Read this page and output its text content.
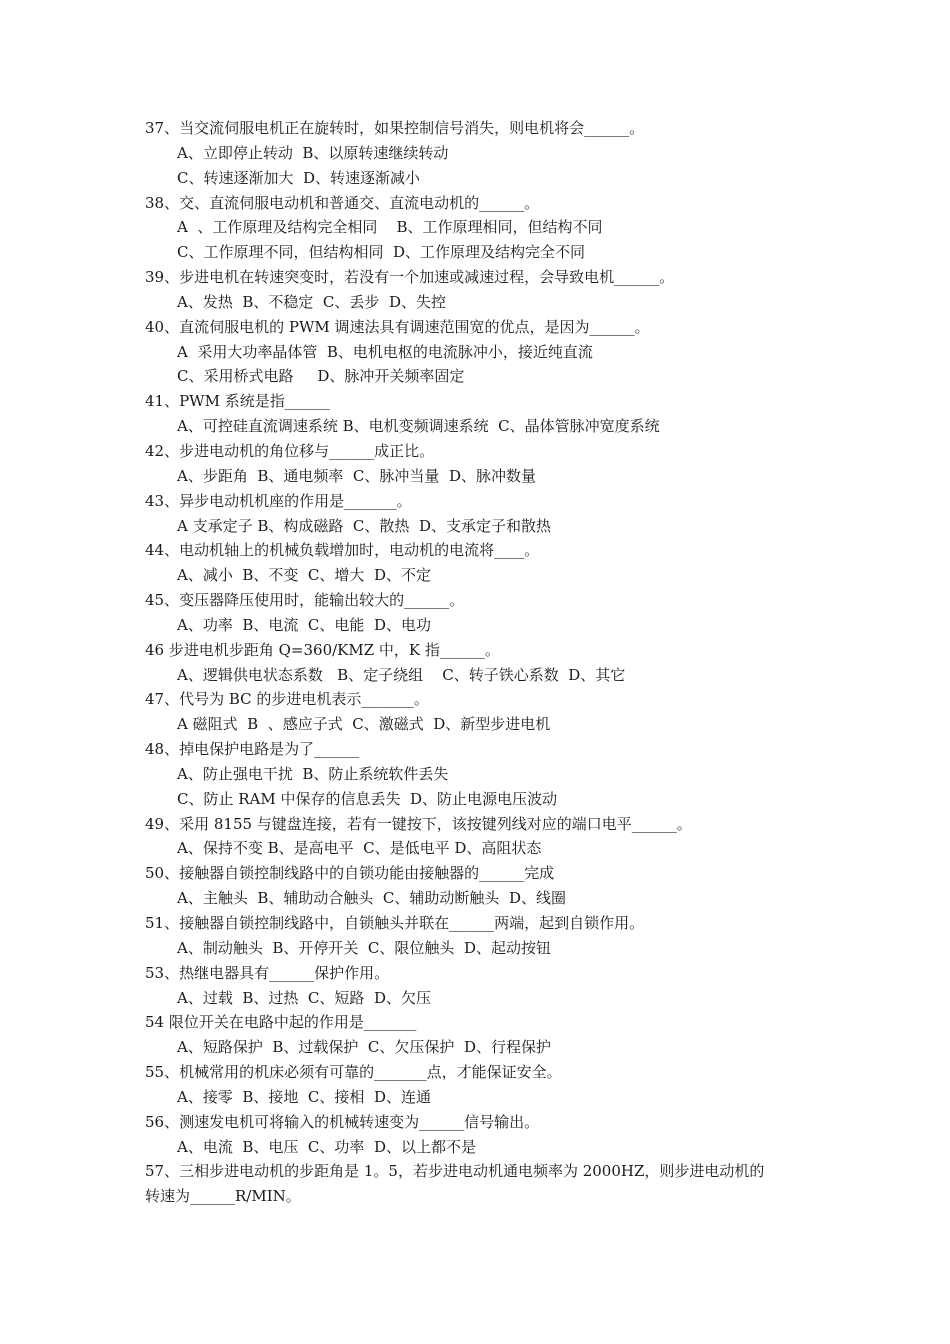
37、当交流伺服电机正在旋转时，如果控制信号消失，则电机将会______。
A、立即停止转动  B、以原转速继续转动
C、转速逐渐加大  D、转速逐渐减小
38、交、直流伺服电动机和普通交、直流电动机的______。
A  、工作原理及结构完全相同    B、工作原理相同，但结构不同
C、工作原理不同，但结构相同  D、工作原理及结构完全不同
39、步进电机在转速突变时，若没有一个加速或减速过程，会导致电机______。
A、发热  B、不稳定  C、丢步  D、失控
40、直流伺服电机的 PWM 调速法具有调速范围宽的优点，是因为______。
A  采用大功率晶体管  B、电机电枢的电流脉冲小，接近纯直流
C、采用桥式电路     D、脉冲开关频率固定
41、PWM 系统是指______
A、可控硅直流调速系统 B、电机变频调速系统  C、晶体管脉冲宽度系统
42、步进电动机的角位移与______成正比。
A、步距角  B、通电频率  C、脉冲当量  D、脉冲数量
43、异步电动机机座的作用是_______。
A 支承定子 B、构成磁路  C、散热  D、支承定子和散热
44、电动机轴上的机械负载增加时，电动机的电流将____。
A、减小  B、不变  C、增大  D、不定
45、变压器降压使用时，能输出较大的______。
A、功率  B、电流  C、电能  D、电功
46 步进电机步距角 Q=360/KMZ 中，K 指______。
A、逻辑供电状态系数   B、定子绕组    C、转子铁心系数  D、其它
47、代号为 BC 的步进电机表示_______。
A 磁阻式  B  、感应子式  C、激磁式  D、新型步进电机
48、掉电保护电路是为了______
A、防止强电干扰  B、防止系统软件丢失
C、防止 RAM 中保存的信息丢失  D、防止电源电压波动
49、采用 8155 与键盘连接，若有一键按下，该按键列线对应的端口电平______。
A、保持不变 B、是高电平  C、是低电平 D、高阻状态
50、接触器自锁控制线路中的自锁功能由接触器的______完成
A、主触头  B、辅助动合触头  C、辅助动断触头  D、线圈
51、接触器自锁控制线路中，自锁触头并联在______两端，起到自锁作用。
A、制动触头  B、开停开关  C、限位触头  D、起动按钮
53、热继电器具有______保护作用。
A、过载  B、过热  C、短路  D、欠压
54 限位开关在电路中起的作用是_______
A、短路保护  B、过载保护  C、欠压保护  D、行程保护
55、机械常用的机床必须有可靠的_______点，才能保证安全。
A、接零  B、接地  C、接相  D、连通
56、测速发电机可将输入的机械转速变为______信号输出。
A、电流  B、电压  C、功率  D、以上都不是
57、三相步进电动机的步距角是 1。5，若步进电动机通电频率为 2000HZ，则步进电动机的
转速为______R/MIN。
